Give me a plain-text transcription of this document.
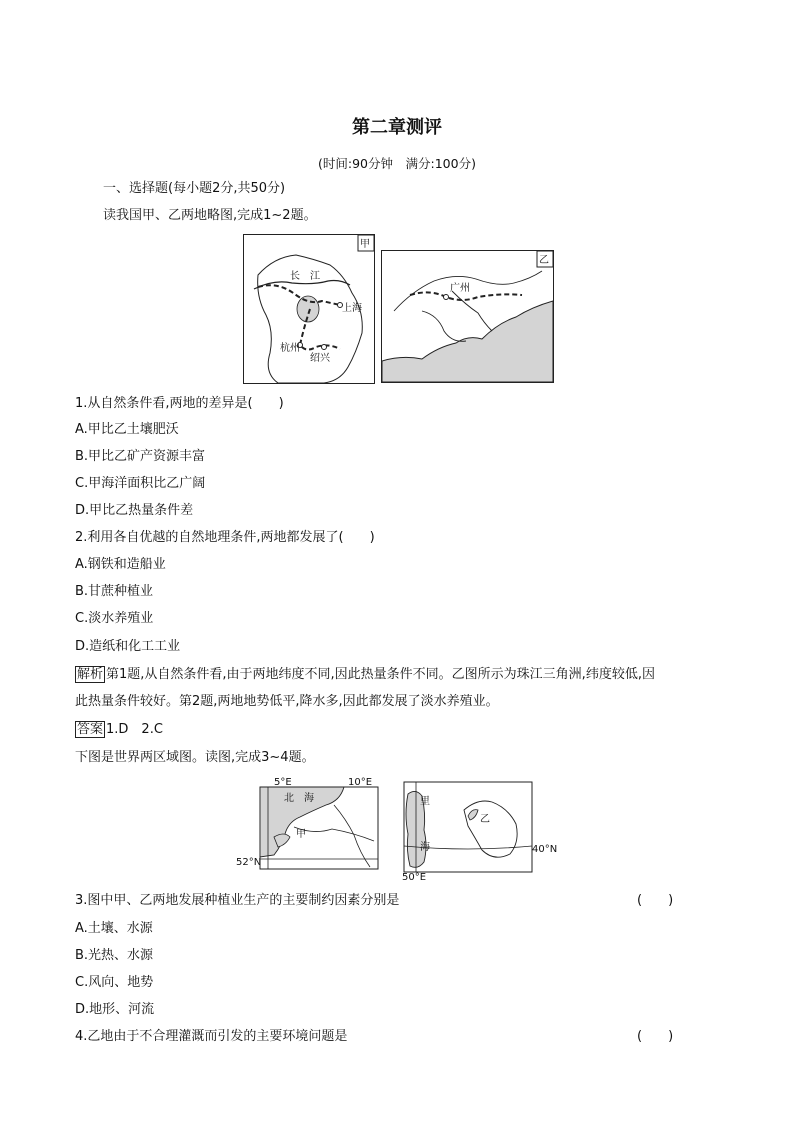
第二章测评
(时间:90分钟　满分:100分)
一、选择题(每小题2分,共50分)
读我国甲、乙两地略图,完成1~2题。
甲
长　江
上海
杭州
绍兴
乙
广州
1.从自然条件看,两地的差异是(　　)
A.甲比乙土壤肥沃
B.甲比乙矿产资源丰富
C.甲海洋面积比乙广阔
D.甲比乙热量条件差
2.利用各自优越的自然地理条件,两地都发展了(　　)
A.钢铁和造船业
B.甘蔗种植业
C.淡水养殖业
D.造纸和化工工业
解析 第1题,从自然条件看,由于两地纬度不同,因此热量条件不同。乙图所示为珠江三角洲,纬度较低,因
此热量条件较好。第2题,两地地势低平,降水多,因此都发展了淡水养殖业。
答案 1.D　2.C
下图是世界两区域图。读图,完成3~4题。
5°E	10°E
北　海
甲
52°N
里
海
乙
40°N
50°E
3.图中甲、乙两地发展种植业生产的主要制约因素分别是	(　　)
A.土壤、水源
B.光热、水源
C.风向、地势
D.地形、河流
4.乙地由于不合理灌溉而引发的主要环境问题是	(　　)
